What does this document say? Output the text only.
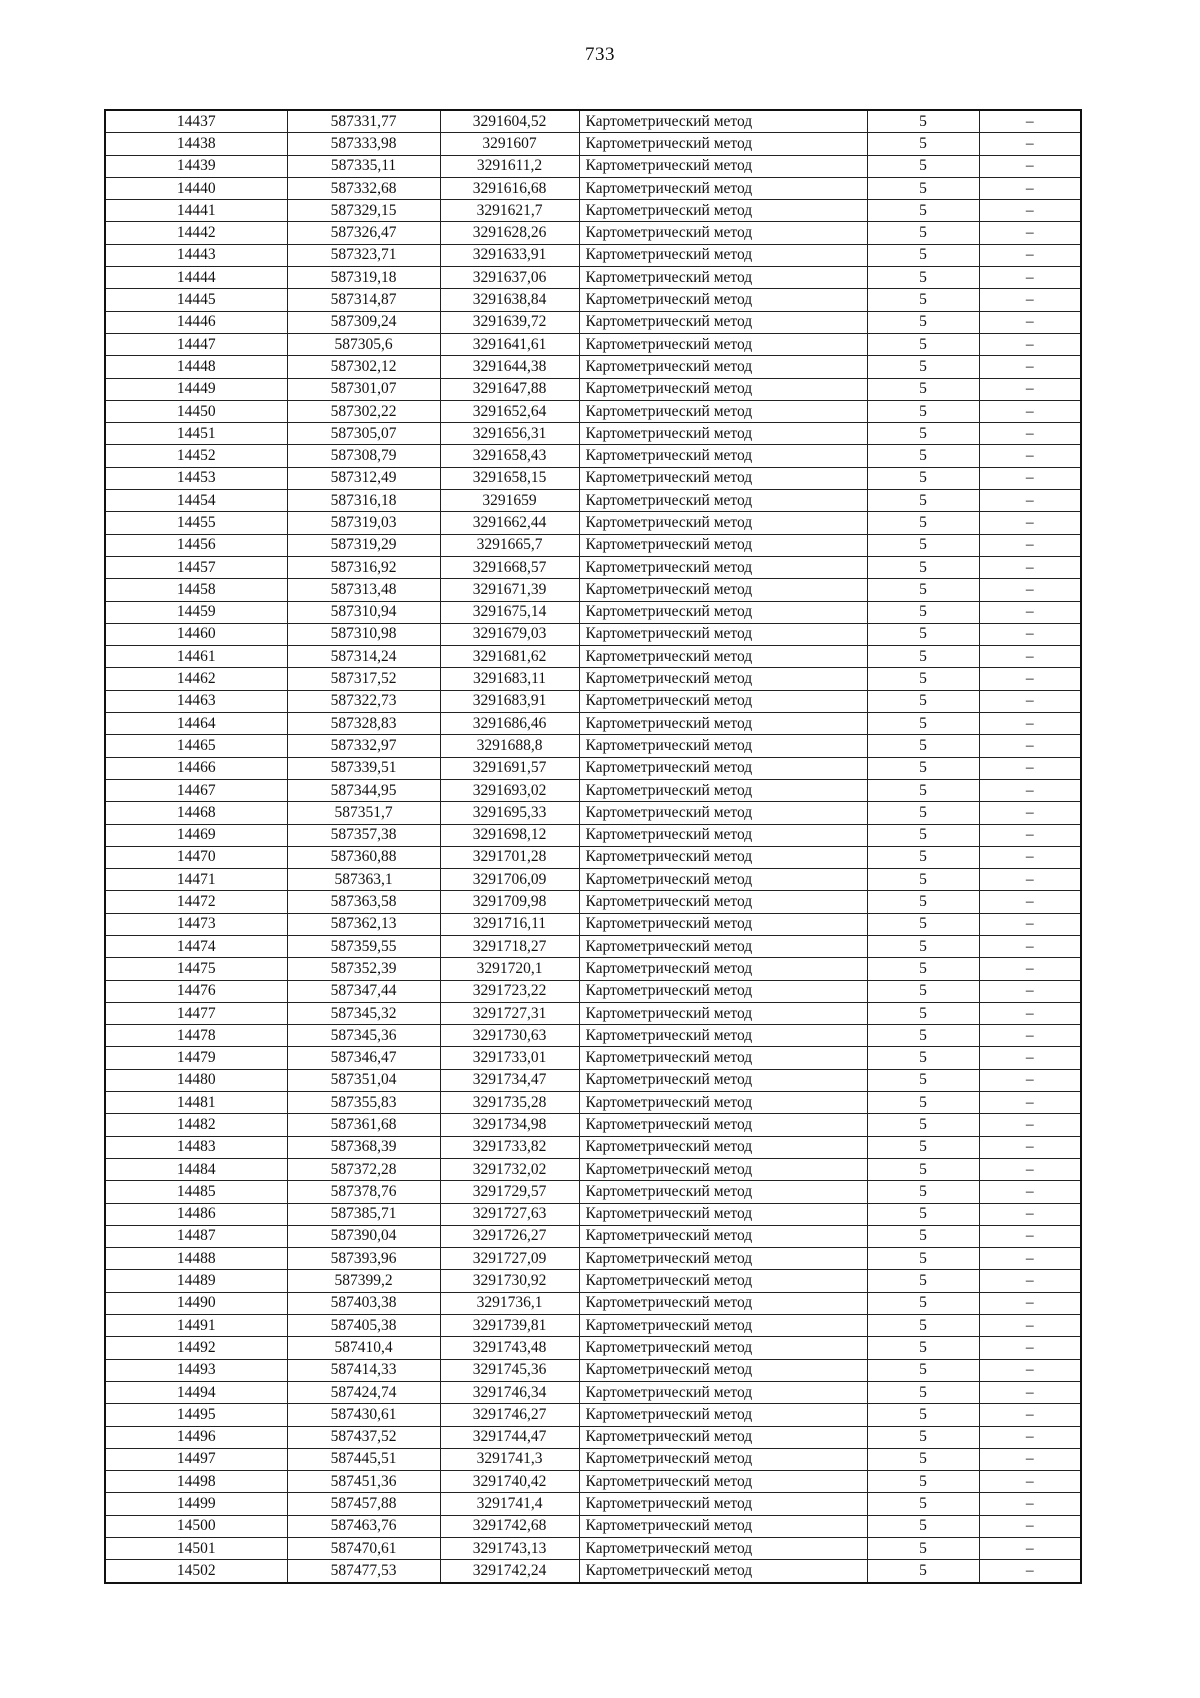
733
14437	587331,77	3291604,52	Картометрический метод	5	–
14438	587333,98	3291607	Картометрический метод	5	–
14439	587335,11	3291611,2	Картометрический метод	5	–
14440	587332,68	3291616,68	Картометрический метод	5	–
14441	587329,15	3291621,7	Картометрический метод	5	–
14442	587326,47	3291628,26	Картометрический метод	5	–
14443	587323,71	3291633,91	Картометрический метод	5	–
14444	587319,18	3291637,06	Картометрический метод	5	–
14445	587314,87	3291638,84	Картометрический метод	5	–
14446	587309,24	3291639,72	Картометрический метод	5	–
14447	587305,6	3291641,61	Картометрический метод	5	–
14448	587302,12	3291644,38	Картометрический метод	5	–
14449	587301,07	3291647,88	Картометрический метод	5	–
14450	587302,22	3291652,64	Картометрический метод	5	–
14451	587305,07	3291656,31	Картометрический метод	5	–
14452	587308,79	3291658,43	Картометрический метод	5	–
14453	587312,49	3291658,15	Картометрический метод	5	–
14454	587316,18	3291659	Картометрический метод	5	–
14455	587319,03	3291662,44	Картометрический метод	5	–
14456	587319,29	3291665,7	Картометрический метод	5	–
14457	587316,92	3291668,57	Картометрический метод	5	–
14458	587313,48	3291671,39	Картометрический метод	5	–
14459	587310,94	3291675,14	Картометрический метод	5	–
14460	587310,98	3291679,03	Картометрический метод	5	–
14461	587314,24	3291681,62	Картометрический метод	5	–
14462	587317,52	3291683,11	Картометрический метод	5	–
14463	587322,73	3291683,91	Картометрический метод	5	–
14464	587328,83	3291686,46	Картометрический метод	5	–
14465	587332,97	3291688,8	Картометрический метод	5	–
14466	587339,51	3291691,57	Картометрический метод	5	–
14467	587344,95	3291693,02	Картометрический метод	5	–
14468	587351,7	3291695,33	Картометрический метод	5	–
14469	587357,38	3291698,12	Картометрический метод	5	–
14470	587360,88	3291701,28	Картометрический метод	5	–
14471	587363,1	3291706,09	Картометрический метод	5	–
14472	587363,58	3291709,98	Картометрический метод	5	–
14473	587362,13	3291716,11	Картометрический метод	5	–
14474	587359,55	3291718,27	Картометрический метод	5	–
14475	587352,39	3291720,1	Картометрический метод	5	–
14476	587347,44	3291723,22	Картометрический метод	5	–
14477	587345,32	3291727,31	Картометрический метод	5	–
14478	587345,36	3291730,63	Картометрический метод	5	–
14479	587346,47	3291733,01	Картометрический метод	5	–
14480	587351,04	3291734,47	Картометрический метод	5	–
14481	587355,83	3291735,28	Картометрический метод	5	–
14482	587361,68	3291734,98	Картометрический метод	5	–
14483	587368,39	3291733,82	Картометрический метод	5	–
14484	587372,28	3291732,02	Картометрический метод	5	–
14485	587378,76	3291729,57	Картометрический метод	5	–
14486	587385,71	3291727,63	Картометрический метод	5	–
14487	587390,04	3291726,27	Картометрический метод	5	–
14488	587393,96	3291727,09	Картометрический метод	5	–
14489	587399,2	3291730,92	Картометрический метод	5	–
14490	587403,38	3291736,1	Картометрический метод	5	–
14491	587405,38	3291739,81	Картометрический метод	5	–
14492	587410,4	3291743,48	Картометрический метод	5	–
14493	587414,33	3291745,36	Картометрический метод	5	–
14494	587424,74	3291746,34	Картометрический метод	5	–
14495	587430,61	3291746,27	Картометрический метод	5	–
14496	587437,52	3291744,47	Картометрический метод	5	–
14497	587445,51	3291741,3	Картометрический метод	5	–
14498	587451,36	3291740,42	Картометрический метод	5	–
14499	587457,88	3291741,4	Картометрический метод	5	–
14500	587463,76	3291742,68	Картометрический метод	5	–
14501	587470,61	3291743,13	Картометрический метод	5	–
14502	587477,53	3291742,24	Картометрический метод	5	–
